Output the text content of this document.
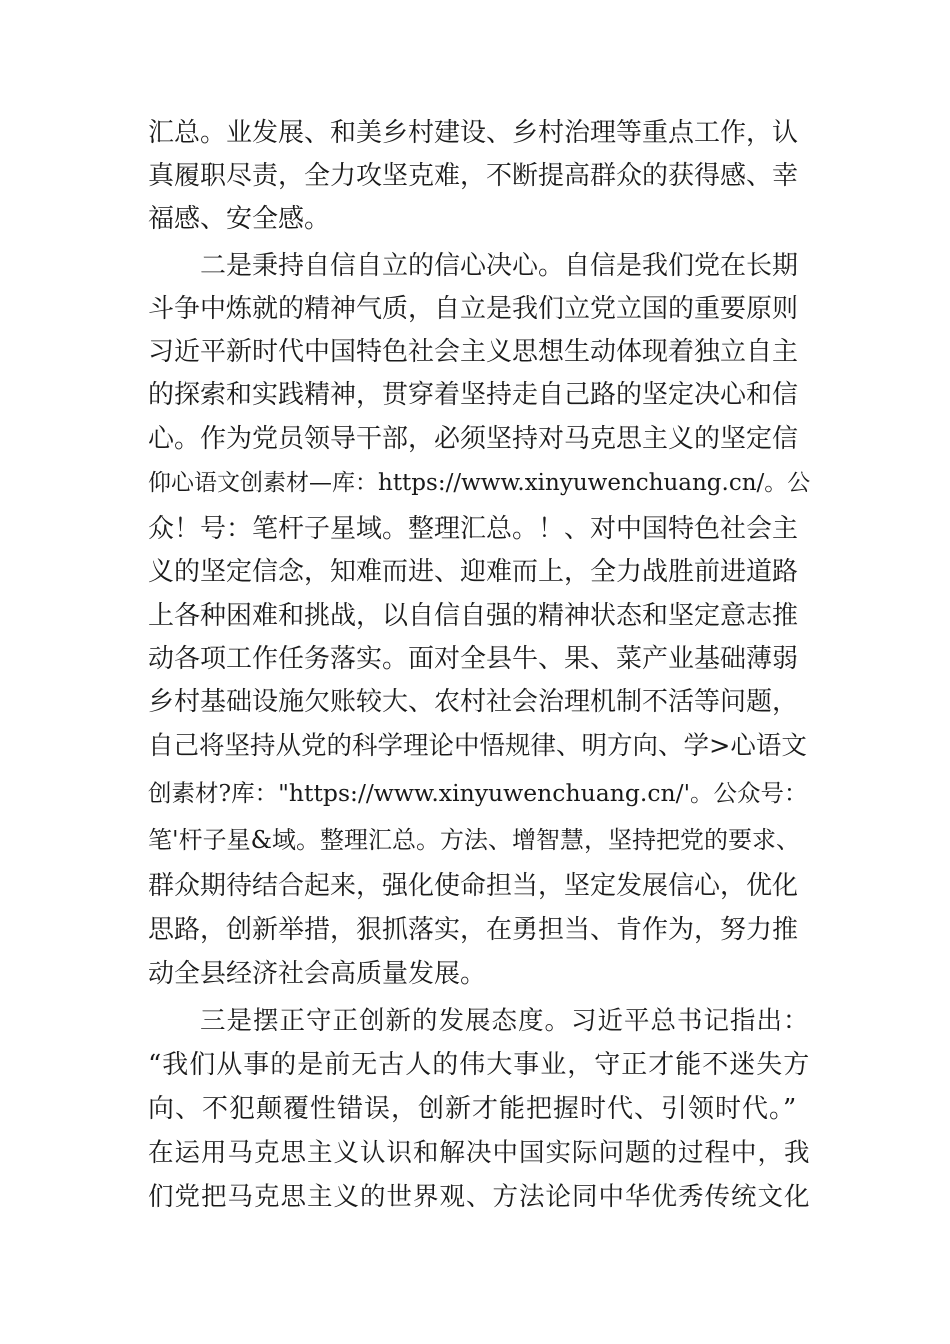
汇总。业发展、和美乡村建设、乡村治理等重点工作，认
真履职尽责，全力攻坚克难，不断提高群众的获得感、幸
福感、安全感。
二是秉持自信自立的信心决心。自信是我们党在长期
斗争中炼就的精神气质，自立是我们立党立国的重要原则
习近平新时代中国特色社会主义思想生动体现着独立自主
的探索和实践精神，贯穿着坚持走自己路的坚定决心和信
心。作为党员领导干部，必须坚持对马克思主义的坚定信
仰心语文创素材—库：https://www.xinyuwenchuang.cn/。公
众！号：笔杆子星域。整理汇总。！、对中国特色社会主
义的坚定信念，知难而进、迎难而上，全力战胜前进道路
上各种困难和挑战，以自信自强的精神状态和坚定意志推
动各项工作任务落实。面对全县牛、果、菜产业基础薄弱
乡村基础设施欠账较大、农村社会治理机制不活等问题，
自己将坚持从党的科学理论中悟规律、明方向、学>心语文
创素材?库："https://www.xinyuwenchuang.cn/'。公众号：
笔'杆子星&域。整理汇总。方法、增智慧，坚持把党的要求、
群众期待结合起来，强化使命担当，坚定发展信心，优化
思路，创新举措，狠抓落实，在勇担当、肯作为，努力推
动全县经济社会高质量发展。
三是摆正守正创新的发展态度。习近平总书记指出：
“我们从事的是前无古人的伟大事业，守正才能不迷失方
向、不犯颠覆性错误，创新才能把握时代、引领时代。”
在运用马克思主义认识和解决中国实际问题的过程中，我
们党把马克思主义的世界观、方法论同中华优秀传统文化
